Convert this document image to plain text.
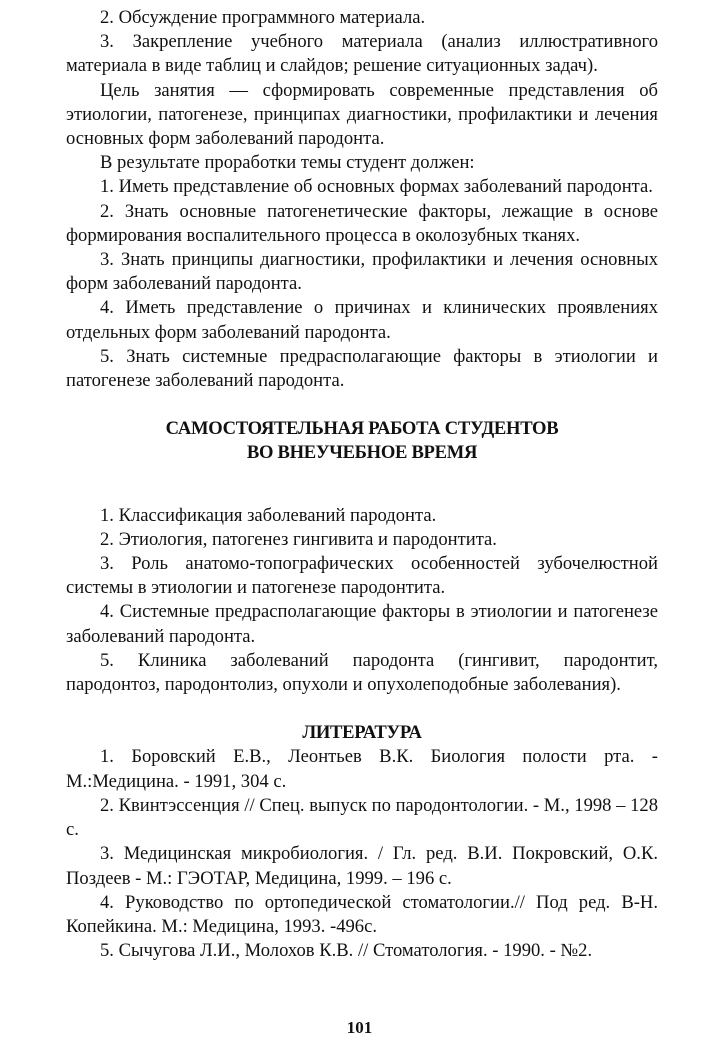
2. Обсуждение программного материала.

3. Закрепление учебного материала (анализ иллюстративного материала в виде таблиц и слайдов; решение ситуационных задач).

Цель занятия — сформировать современные представления об этиологии, патогенезе, принципах диагностики, профилактики и лечения основных форм заболеваний пародонта.

В результате проработки темы студент должен:

1. Иметь представление об основных формах заболеваний пародонта.

2. Знать основные патогенетические факторы, лежащие в основе формирования воспалительного процесса в околозубных тканях.

3. Знать принципы диагностики, профилактики и лечения основных форм заболеваний пародонта.

4. Иметь представление о причинах и клинических проявлениях отдельных форм заболеваний пародонта.

5. Знать системные предрасполагающие факторы в этиологии и патогенезе заболеваний пародонта.

САМОСТОЯТЕЛЬНАЯ РАБОТА СТУДЕНТОВ

ВО ВНЕУЧЕБНОЕ ВРЕМЯ

1. Классификация заболеваний пародонта.

2. Этиология, патогенез гингивита и пародонтита.

3. Роль анатомо-топографических особенностей зубочелюстной системы в этиологии и патогенезе пародонтита.

4. Системные предрасполагающие факторы в этиологии и патогенезе заболеваний пародонта.

5. Клиника заболеваний пародонта (гингивит, пародонтит, пародонтоз, пародонтолиз, опухоли и опухолеподобные заболевания).

ЛИТЕРАТУРА

1. Боровский Е.В., Леонтьев В.К. Биология полости рта. - М.:Медицина. - 1991, 304 с.

2. Квинтэссенция // Спец. выпуск по пародонтологии. - М., 1998 – 128 с.

3. Медицинская микробиология. / Гл. ред. В.И. Покровский, О.К. Поздеев - М.: ГЭОТАР, Медицина, 1999. – 196 с.

4. Руководство по ортопедической стоматологии.// Под ред. В-Н. Копейкина. М.: Медицина, 1993. -496с.

5. Сычугова Л.И., Молохов К.В. // Стоматология. - 1990. - №2.

101
